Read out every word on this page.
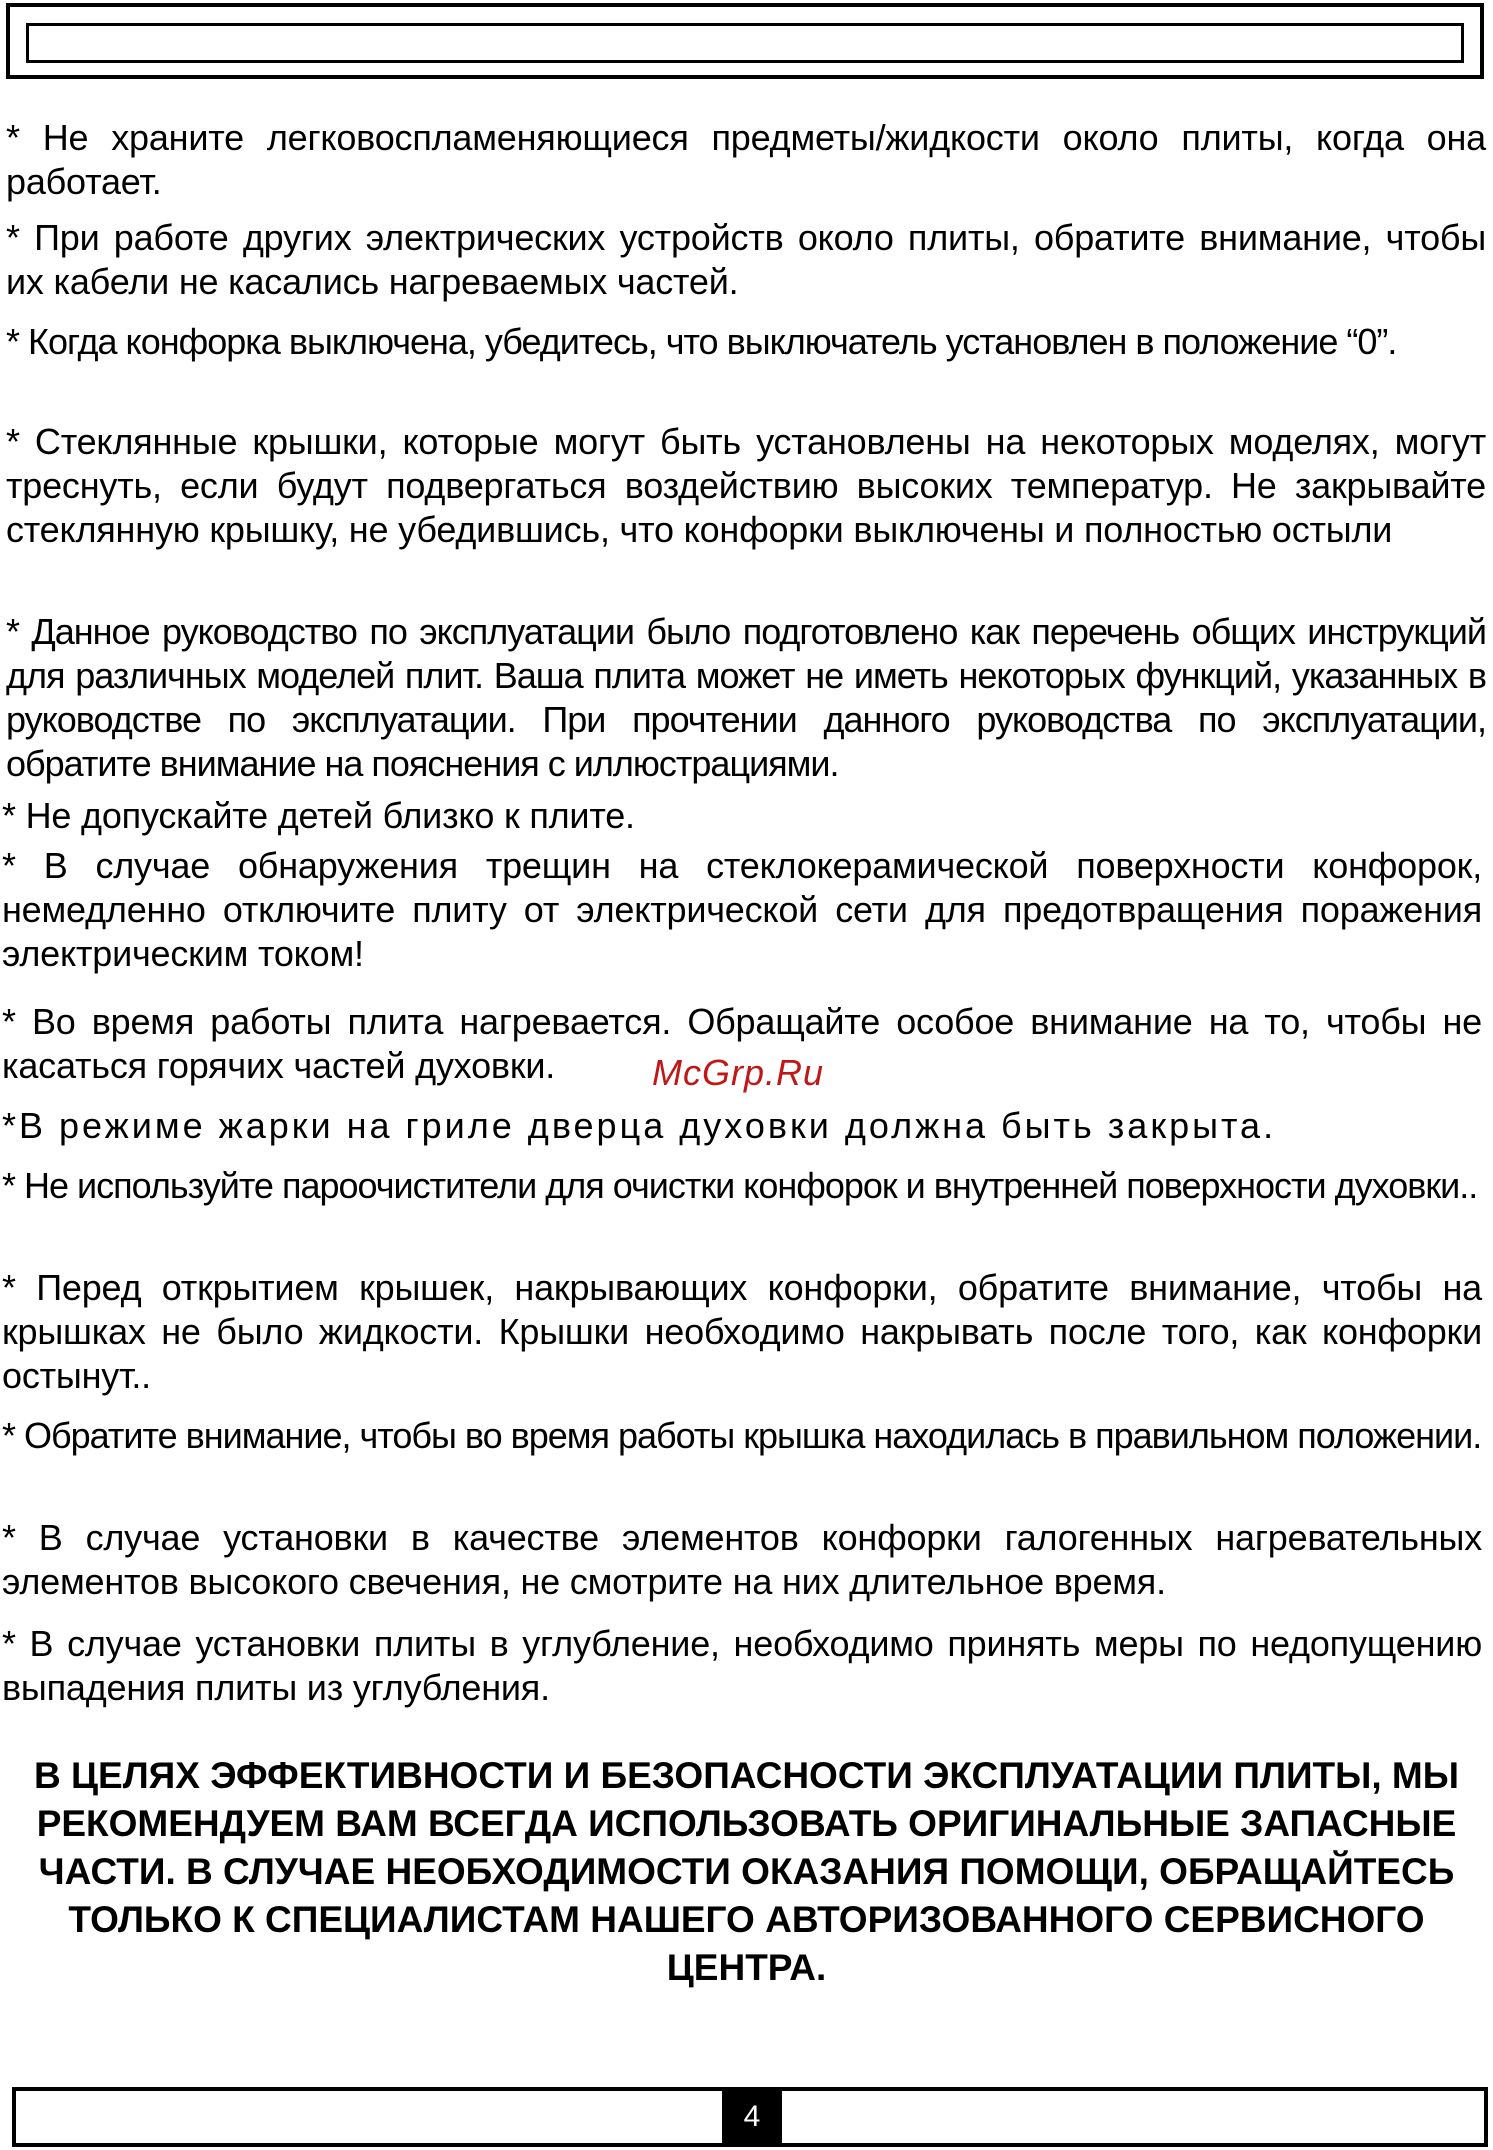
* Не храните легковоспламеняющиеся предметы/жидкости около плиты, когда она работает.

* При работе других электрических устройств около плиты, обратите внимание, чтобы их кабели не касались нагреваемых частей.

* Когда конфорка выключена, убедитесь, что выключатель установлен в положение “0”.

* Стеклянные крышки, которые могут быть установлены на некоторых моделях, могут треснуть, если будут подвергаться воздействию высоких температур. Не закрывайте стеклянную крышку, не убедившись, что конфорки выключены и полностью остыли

* Данное руководство по эксплуатации было подготовлено как перечень общих инструкций для различных моделей плит. Ваша плита может не иметь некоторых функций, указанных в руководстве по эксплуатации. При прочтении данного руководства по эксплуатации, обратите внимание на пояснения с иллюстрациями.

* Не допускайте детей близко к плите.

* В случае обнаружения трещин на стеклокерамической поверхности конфорок, немедленно отключите плиту от электрической сети для предотвращения поражения электрическим током!

* Во время работы плита нагревается. Обращайте особое внимание на то, чтобы не касаться горячих частей духовки.

*В режиме жарки на гриле дверца духовки должна быть закрыта.

* Не используйте пароочистители для очистки конфорок и внутренней поверхности духовки..

* Перед открытием крышек, накрывающих конфорки, обратите внимание, чтобы на крышках не было жидкости. Крышки необходимо накрывать после того, как конфорки остынут..

* Обратите внимание, чтобы во время работы крышка находилась в правильном положении.

* В случае установки в качестве элементов конфорки галогенных нагревательных элементов высокого свечения, не смотрите на них длительное время.

* В случае установки плиты в углубление, необходимо принять меры по недопущению выпадения плиты из углубления.

В ЦЕЛЯХ ЭФФЕКТИВНОСТИ И БЕЗОПАСНОСТИ ЭКСПЛУАТАЦИИ ПЛИТЫ, МЫ РЕКОМЕНДУЕМ ВАМ ВСЕГДА ИСПОЛЬЗОВАТЬ ОРИГИНАЛЬНЫЕ ЗАПАСНЫЕ ЧАСТИ. В СЛУЧАЕ НЕОБХОДИМОСТИ ОКАЗАНИЯ ПОМОЩИ, ОБРАЩАЙТЕСЬ ТОЛЬКО К СПЕЦИАЛИСТАМ НАШЕГО АВТОРИЗОВАННОГО СЕРВИСНОГО ЦЕНТРА.

McGrp.Ru
4
